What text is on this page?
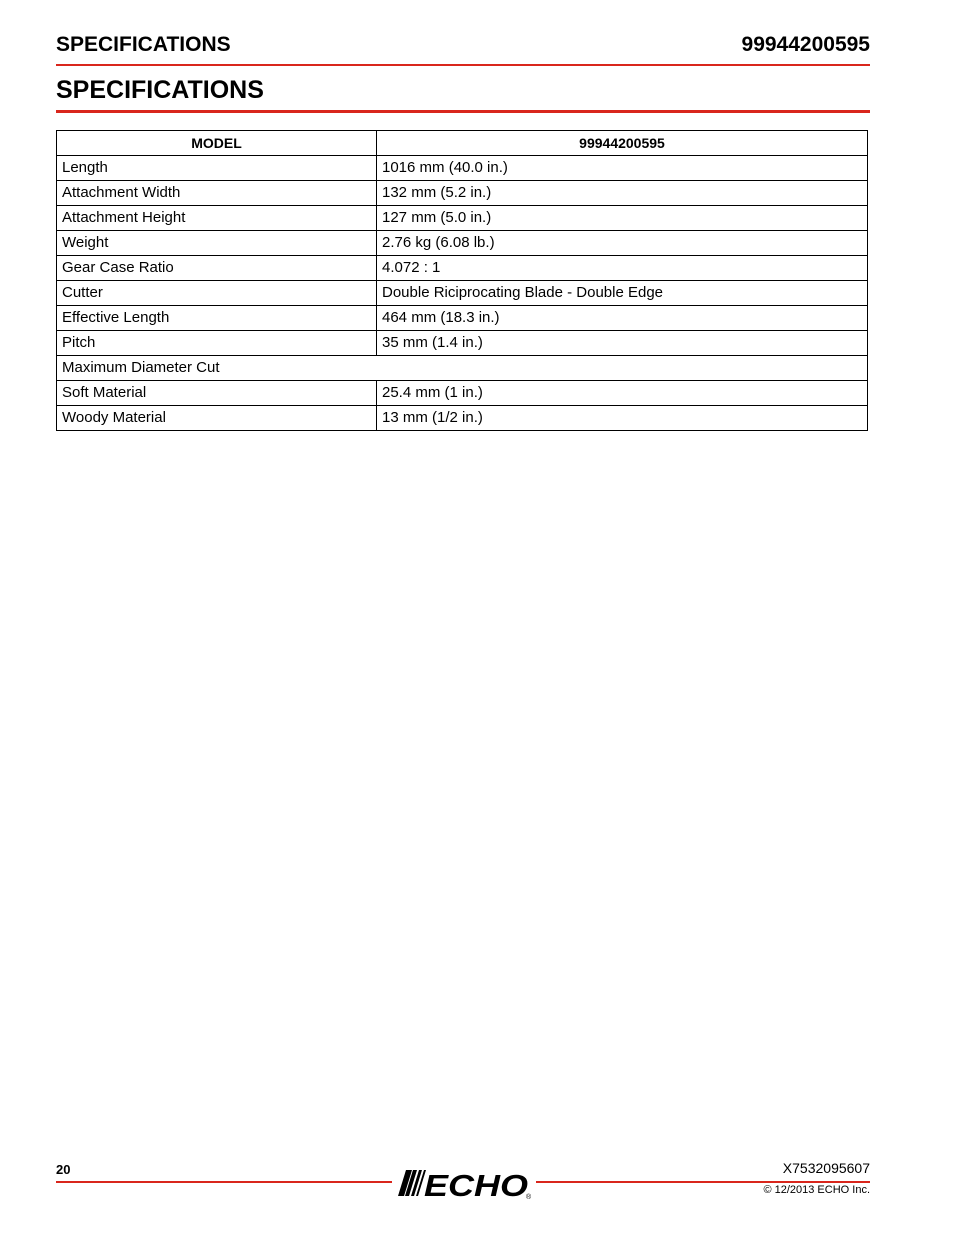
SPECIFICATIONS	99944200595
SPECIFICATIONS
MODEL	99944200595
Length	1016 mm (40.0 in.)
Attachment Width	132 mm (5.2 in.)
Attachment Height	127 mm (5.0 in.)
Weight	2.76 kg (6.08 lb.)
Gear Case Ratio	4.072 : 1
Cutter	Double Riciprocating Blade - Double Edge
Effective Length	464 mm (18.3 in.)
Pitch	35 mm (1.4 in.)
Maximum Diameter Cut	
Soft Material	25.4 mm (1 in.)
Woody Material	13 mm (1/2 in.)
20	ECHO
®
X7532095607
© 12/2013 ECHO Inc.
